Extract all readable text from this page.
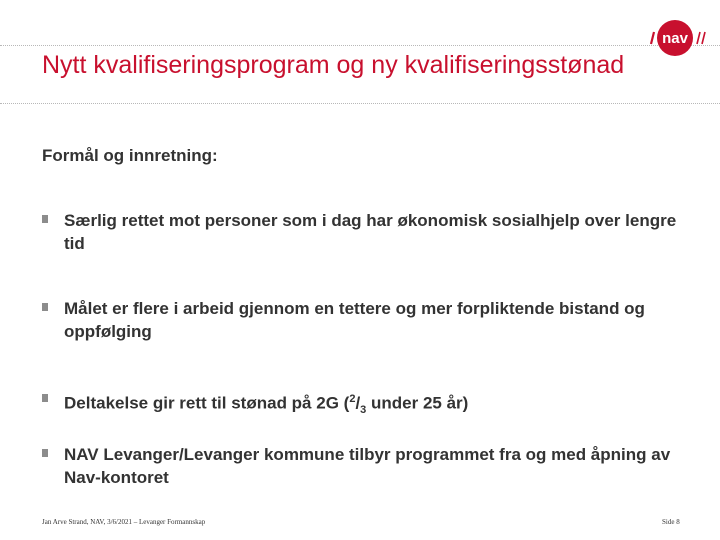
nav
Nytt kvalifiseringsprogram og ny kvalifiseringsstønad

Formål og innretning:

Særlig rettet mot personer som i dag har økonomisk sosialhjelp over lengre tid
Målet er flere i arbeid gjennom en tettere og mer forpliktende bistand og oppfølging
Deltakelse gir rett til stønad på 2G ($^2/_3$ under 25 år)
NAV Levanger/Levanger kommune tilbyr programmet fra og med åpning av Nav-kontoret
Jan Arve Strand, NAV, 3/6/2021 – Levanger Formannskap	Side 8
